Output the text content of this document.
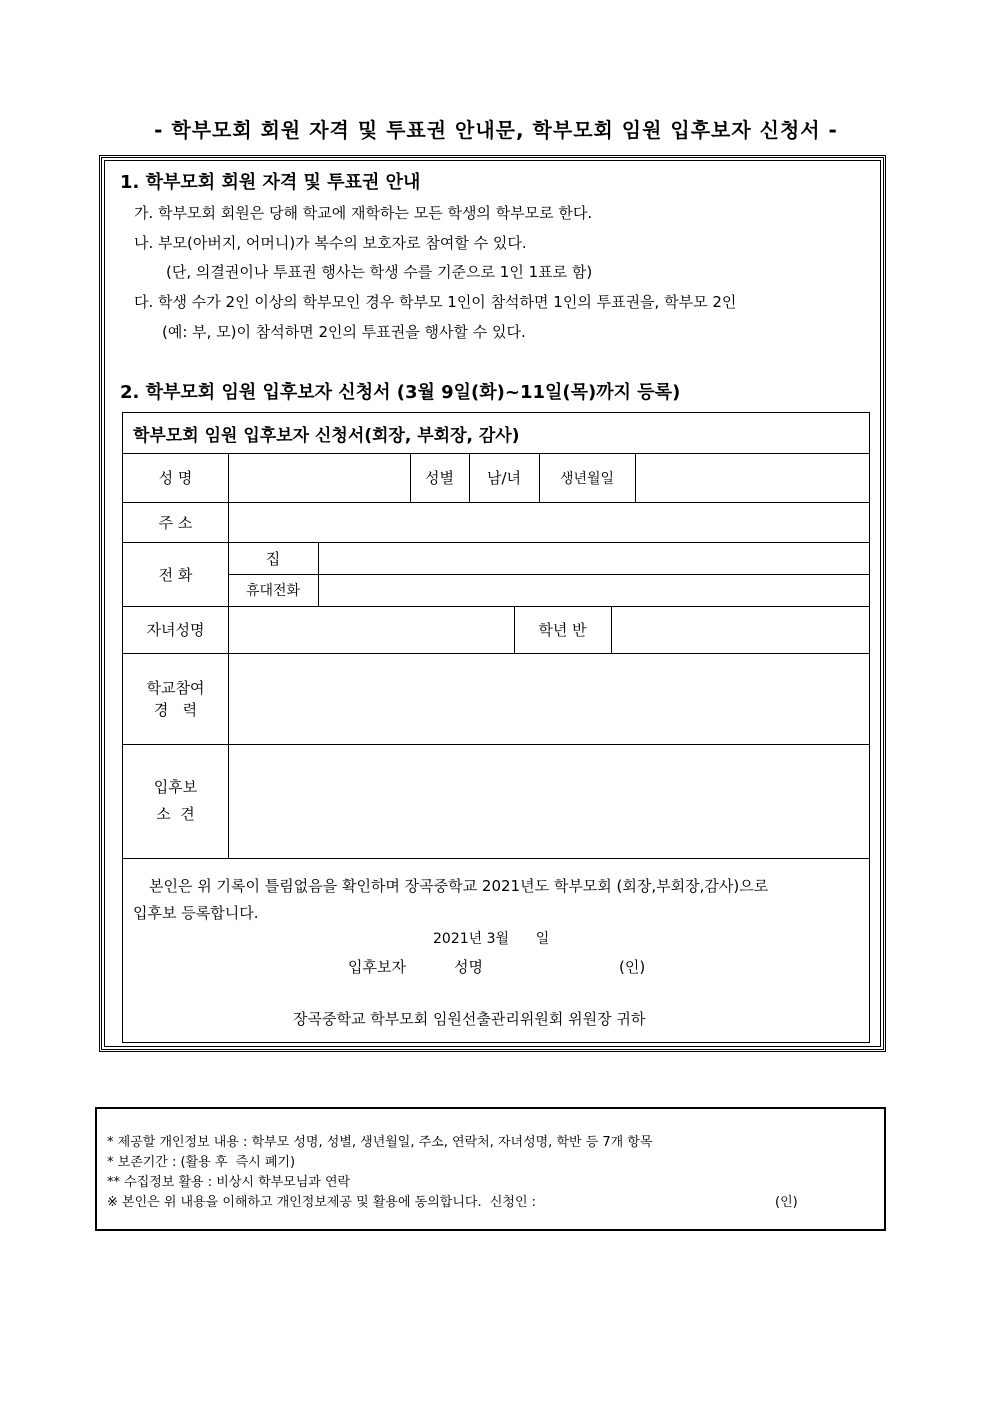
- 학부모회 회원 자격 및 투표권 안내문, 학부모회 임원 입후보자 신청서 -
1. 학부모회 회원 자격 및 투표권 안내
가. 학부모회 회원은 당해 학교에 재학하는 모든 학생의 학부모로 한다.
나. 부모(아버지, 어머니)가 복수의 보호자로 참여할 수 있다.
(단, 의결권이나 투표권 행사는 학생 수를 기준으로 1인 1표로 함)
다. 학생 수가 2인 이상의 학부모인 경우 학부모 1인이 참석하면 1인의 투표권을, 학부모 2인
(예: 부, 모)이 참석하면 2인의 투표권을 행사할 수 있다.
2. 학부모회 임원 입후보자 신청서 (3월 9일(화)~11일(목)까지 등록)
학부모회 임원 입후보자 신청서(회장, 부회장, 감사)
성 명	성별	남/녀	생년월일
주 소
전 화
집
휴대전화
자녀성명	학년 반
학교참여
경   력
입후보
소  견
본인은 위 기록이 틀림없음을 확인하며 장곡중학교 2021년도 학부모회 (회장,부회장,감사)으로
입후보 등록합니다.
2021년 3월      일
입후보자	성명	(인)
장곡중학교 학부모회 임원선출관리위원회 위원장 귀하
* 제공할 개인정보 내용 : 학부모 성명, 성별, 생년월일, 주소, 연락처, 자녀성명, 학반 등 7개 항목
* 보존기간 : (활용 후  즉시 폐기)
** 수집정보 활용 : 비상시 학부모님과 연락
※ 본인은 위 내용을 이해하고 개인정보제공 및 활용에 동의합니다.  신청인 :	(인)
